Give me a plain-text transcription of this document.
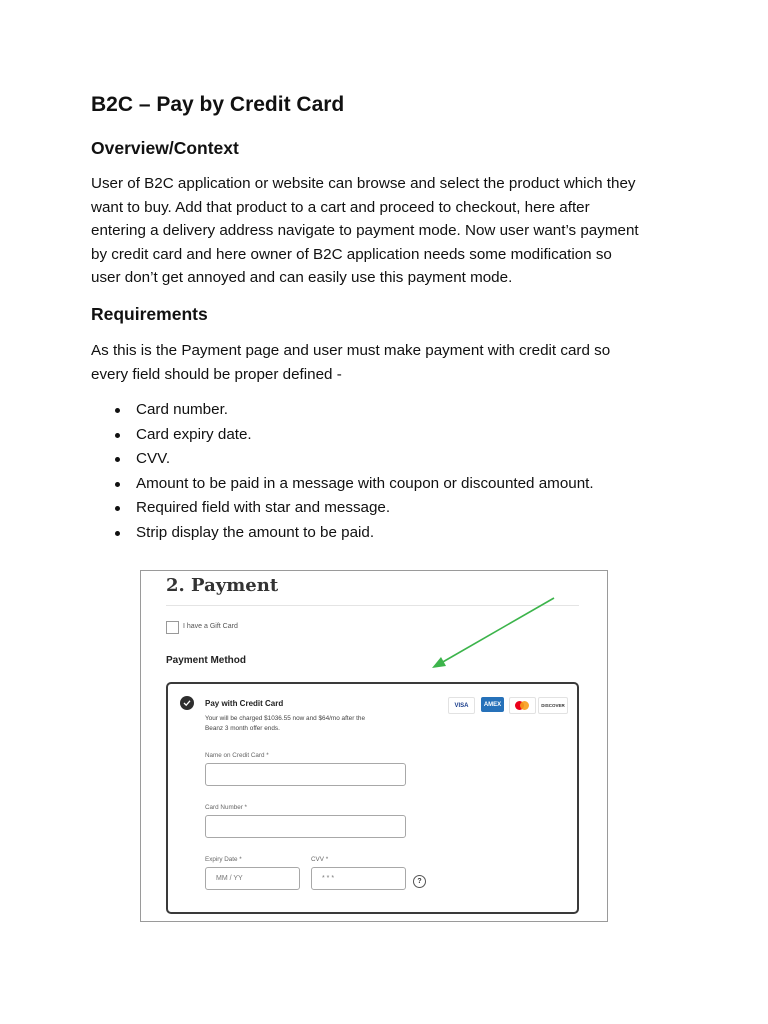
B2C – Pay by Credit Card
Overview/Context
User of B2C application or website can browse and select the product which they
want to buy. Add that product to a cart and proceed to checkout, here after
entering a delivery address navigate to payment mode. Now user want’s payment
by credit card and here owner of B2C application needs some modification so
user don’t get annoyed and can easily use this payment mode.
Requirements
As this is the Payment page and user must make payment with credit card so
every field should be proper defined -
Card number.
Card expiry date.
CVV.
Amount to be paid in a message with coupon or discounted amount.
Required field with star and message.
Strip display the amount to be paid.
2. Payment
I have a Gift Card
Payment Method
Pay with Credit Card
Your will be charged $1036.55 now and $64/mo after the
Beanz 3 month offer ends.
VISA	AMEX	DISCOVER
Name on Credit Card *
Card Number *
Expiry Date *
MM / YY
CVV *
* * *	?
